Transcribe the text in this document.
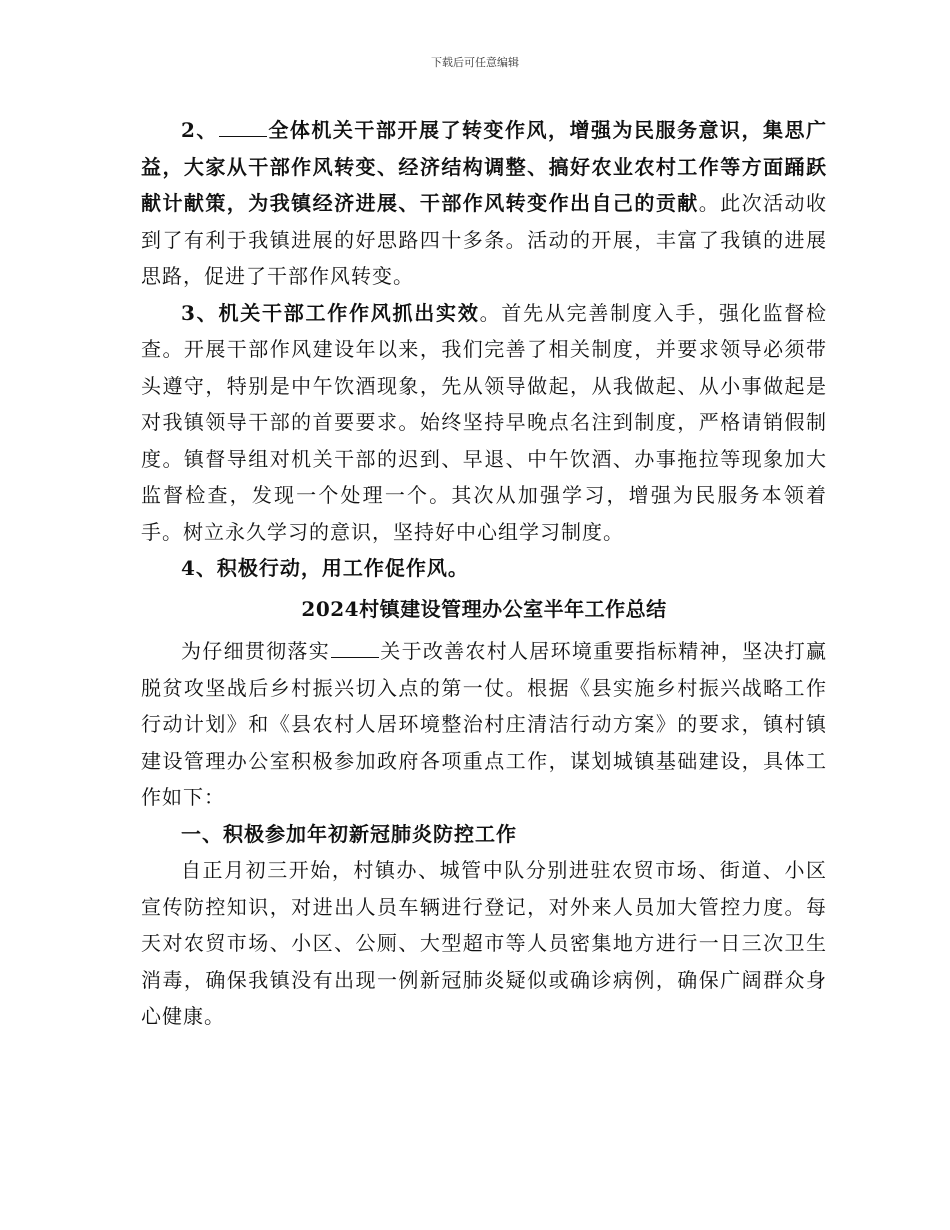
下载后可任意编辑

2、	全体机关干部开展了转变作风，增强为民服务意识，集思广益，大家从干部作风转变、经济结构调整、搞好农业农村工作等方面踊跃献计献策，为我镇经济进展、干部作风转变作出自己的贡献。此次活动收到了有利于我镇进展的好思路四十多条。活动的开展，丰富了我镇的进展思路，促进了干部作风转变。

3、机关干部工作作风抓出实效。首先从完善制度入手，强化监督检查。开展干部作风建设年以来，我们完善了相关制度，并要求领导必须带头遵守，特别是中午饮酒现象，先从领导做起，从我做起、从小事做起是对我镇领导干部的首要要求。始终坚持早晚点名注到制度，严格请销假制度。镇督导组对机关干部的迟到、早退、中午饮酒、办事拖拉等现象加大监督检查，发现一个处理一个。其次从加强学习，增强为民服务本领着手。树立永久学习的意识，坚持好中心组学习制度。

4、积极行动，用工作促作风。

2024村镇建设管理办公室半年工作总结

为仔细贯彻落实	关于改善农村人居环境重要指标精神，坚决打赢脱贫攻坚战后乡村振兴切入点的第一仗。根据《县实施乡村振兴战略工作行动计划》和《县农村人居环境整治村庄清洁行动方案》的要求，镇村镇建设管理办公室积极参加政府各项重点工作，谋划城镇基础建设，具体工作如下：

一、积极参加年初新冠肺炎防控工作

自正月初三开始，村镇办、城管中队分别进驻农贸市场、街道、小区宣传防控知识，对进出人员车辆进行登记，对外来人员加大管控力度。每天对农贸市场、小区、公厕、大型超市等人员密集地方进行一日三次卫生消毒，确保我镇没有出现一例新冠肺炎疑似或确诊病例，确保广阔群众身心健康。
